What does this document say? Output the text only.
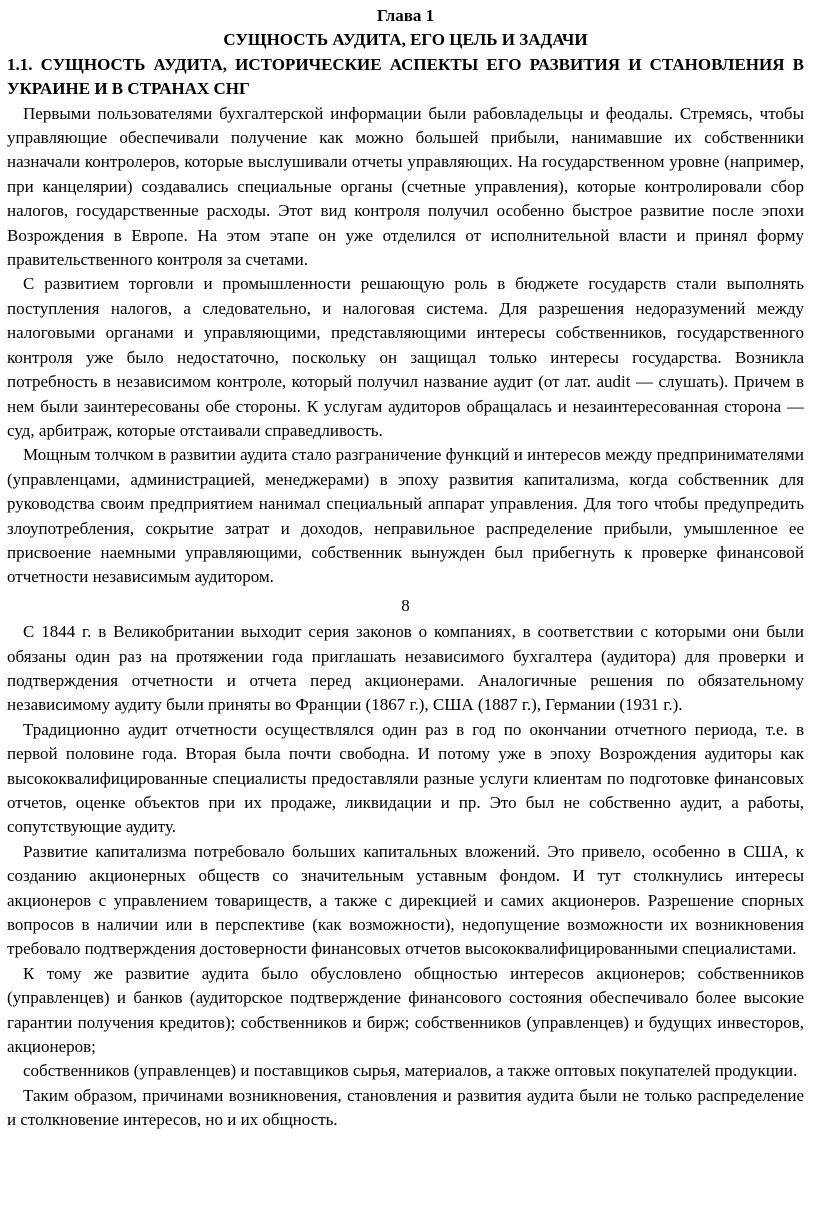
Глава 1
СУЩНОСТЬ АУДИТА, ЕГО ЦЕЛЬ И ЗАДАЧИ
1.1. СУЩНОСТЬ АУДИТА, ИСТОРИЧЕСКИЕ АСПЕКТЫ ЕГО РАЗВИТИЯ И СТАНОВЛЕНИЯ В УКРАИНЕ И В СТРАНАХ СНГ

Первыми пользователями бухгалтерской информации были рабовладельцы и феодалы. Стремясь, чтобы управляющие обеспечивали получение как можно большей прибыли, нанимавшие их собственники назначали контролеров, которые выслушивали отчеты управляющих. На государственном уровне (например, при канцелярии) создавались специальные органы (счетные управления), которые контролировали сбор налогов, государственные расходы. Этот вид контроля получил особенно быстрое развитие после эпохи Возрождения в Европе. На этом этапе он уже отделился от исполнительной власти и принял форму правительственного контроля за счетами.

С развитием торговли и промышленности решающую роль в бюджете государств стали выполнять поступления налогов, а следовательно, и налоговая система. Для разрешения недоразумений между налоговыми органами и управляющими, представляющими интересы собственников, государственного контроля уже было недостаточно, поскольку он защищал только интересы государства. Возникла потребность в независимом контроле, который получил название аудит (от лат. audit — слушать). Причем в нем были заинтересованы обе стороны. К услугам аудиторов обращалась и незаинтересованная сторона — суд, арбитраж, которые отстаивали справедливость.

Мощным толчком в развитии аудита стало разграничение функций и интересов между предпринимателями (управленцами, администрацией, менеджерами) в эпоху развития капитализма, когда собственник для руководства своим предприятием нанимал специальный аппарат управления. Для того чтобы предупредить злоупотребления, сокрытие затрат и доходов, неправильное распределение прибыли, умышленное ее присвоение наемными управляющими, собственник вынужден был прибегнуть к проверке финансовой отчетности независимым аудитором.

8

С 1844 г. в Великобритании выходит серия законов о компаниях, в соответствии с которыми они были обязаны один раз на протяжении года приглашать независимого бухгалтера (аудитора) для проверки и подтверждения отчетности и отчета перед акционерами. Аналогичные решения по обязательному независимому аудиту были приняты во Франции (1867 г.), США (1887 г.), Германии (1931 г.).

Традиционно аудит отчетности осуществлялся один раз в год по окончании отчетного периода, т.е. в первой половине года. Вторая была почти свободна. И потому уже в эпоху Возрождения аудиторы как высококвалифицированные специалисты предоставляли разные услуги клиентам по подготовке финансовых отчетов, оценке объектов при их продаже, ликвидации и пр. Это был не собственно аудит, а работы, сопутствующие аудиту.

Развитие капитализма потребовало больших капитальных вложений. Это привело, особенно в США, к созданию акционерных обществ со значительным уставным фондом. И тут столкнулись интересы акционеров с управлением товариществ, а также с дирекцией и самих акционеров. Разрешение спорных вопросов в наличии или в перспективе (как возможности), недопущение возможности их возникновения требовало подтверждения достоверности финансовых отчетов высококвалифицированными специалистами.

К тому же развитие аудита было обусловлено общностью интересов акционеров; собственников (управленцев) и банков (аудиторское подтверждение финансового состояния обеспечивало более высокие гарантии получения кредитов); собственников и бирж; собственников (управленцев) и будущих инвесторов, акционеров;

собственников (управленцев) и поставщиков сырья, материалов, а также оптовых покупателей продукции.

Таким образом, причинами возникновения, становления и развития аудита были не только распределение и столкновение интересов, но и их общность.
